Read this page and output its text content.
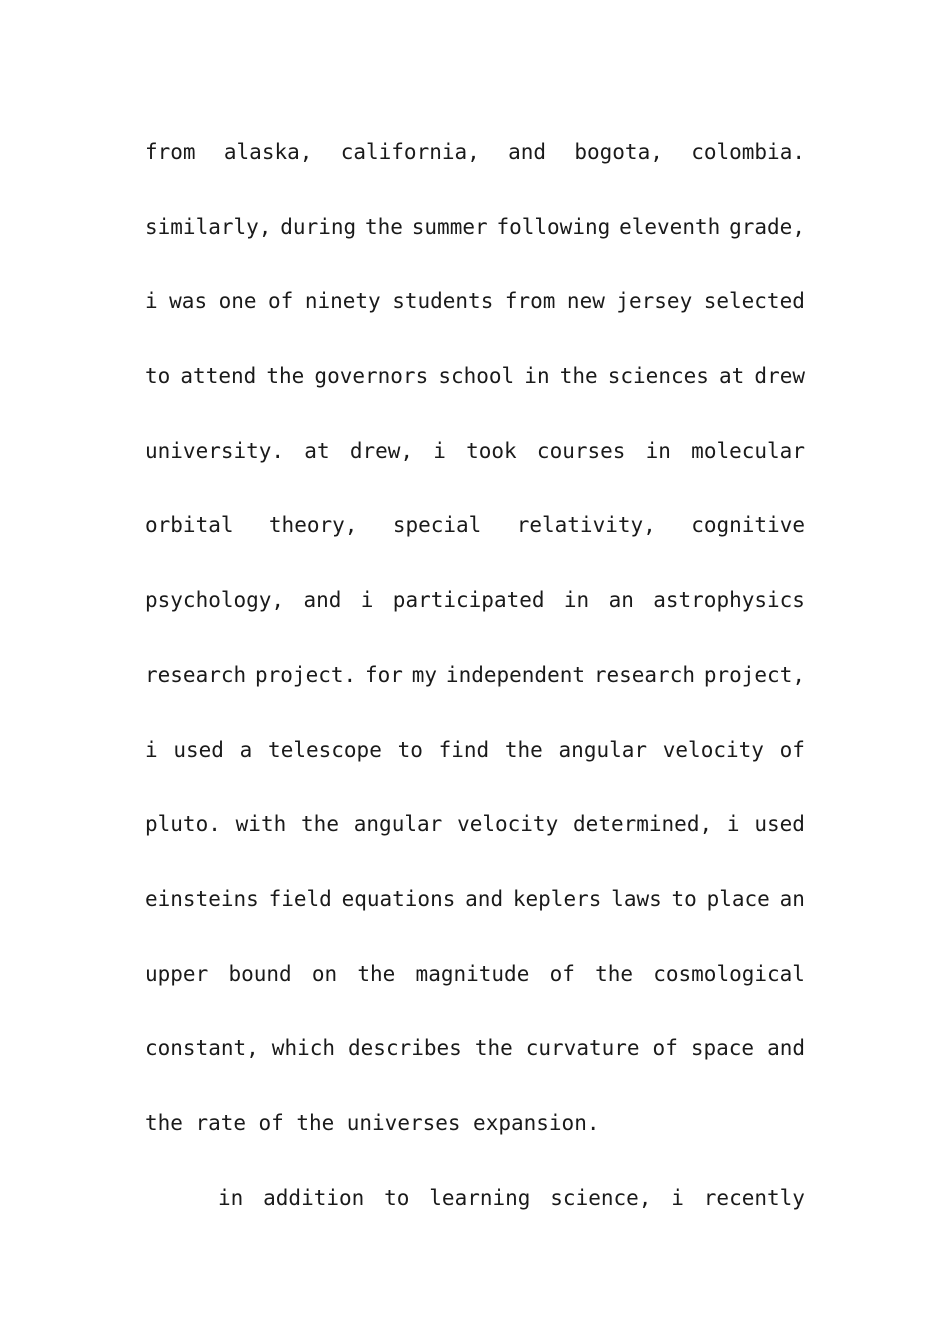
from alaska, california, and bogota, colombia.
similarly, during the summer following eleventh grade,
i was one of ninety students from new jersey selected
to attend the governors school in the sciences at drew
university. at drew, i took courses in molecular
orbital theory, special relativity, cognitive
psychology, and i participated in an astrophysics
research project. for my independent research project,
i used a telescope to find the angular velocity of
pluto. with the angular velocity determined, i used
einsteins field equations and keplers laws to place an
upper bound on the magnitude of the cosmological
constant, which describes the curvature of space and
the rate of the universes expansion.
in addition to learning science, i recently
